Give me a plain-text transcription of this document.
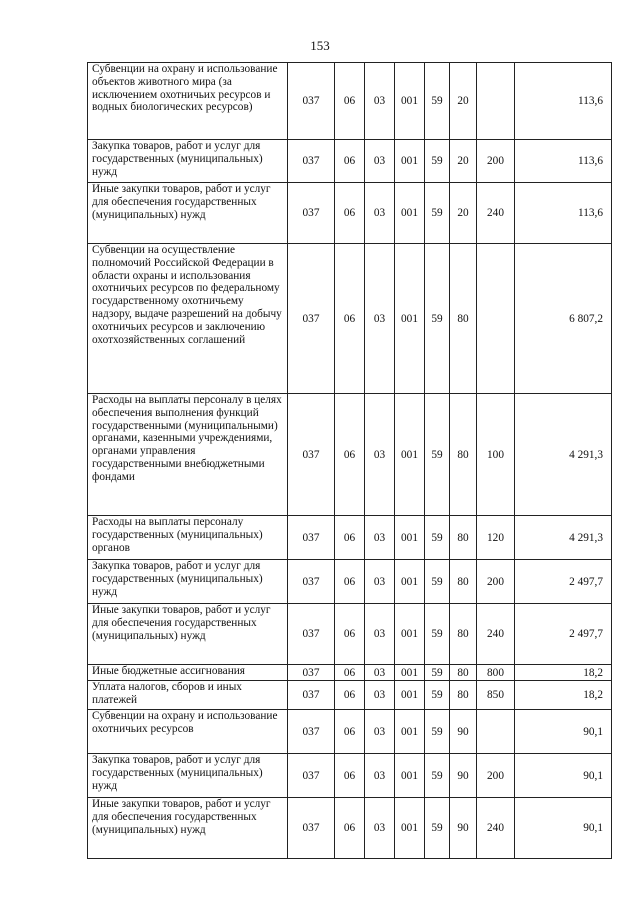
153
Субвенции на охрану и использование объектов животного мира (за исключением охотничьих ресурсов и водных биологических ресурсов)	037	06	03	001	59	20		113,6
Закупка товаров, работ и услуг для государственных (муниципальных) нужд	037	06	03	001	59	20	200	113,6
Иные закупки товаров, работ и услуг для обеспечения государственных (муниципальных) нужд	037	06	03	001	59	20	240	113,6
Субвенции на осуществление полномочий Российской Федерации в области охраны и использования охотничьих ресурсов по федеральному государственному охотничьему надзору, выдаче разрешений на добычу охотничьих ресурсов и заключению охотхозяйственных соглашений	037	06	03	001	59	80		6 807,2
Расходы на выплаты персоналу в целях обеспечения выполнения функций государственными (муниципальными) органами, казенными учреждениями, органами управления государственными внебюджетными фондами	037	06	03	001	59	80	100	4 291,3
Расходы на выплаты персоналу государственных (муниципальных) органов	037	06	03	001	59	80	120	4 291,3
Закупка товаров, работ и услуг для государственных (муниципальных) нужд	037	06	03	001	59	80	200	2 497,7
Иные закупки товаров, работ и услуг для обеспечения государственных (муниципальных) нужд	037	06	03	001	59	80	240	2 497,7
Иные бюджетные ассигнования	037	06	03	001	59	80	800	18,2
Уплата налогов, сборов и иных платежей	037	06	03	001	59	80	850	18,2
Субвенции на охрану и использование охотничьих ресурсов	037	06	03	001	59	90		90,1
Закупка товаров, работ и услуг для государственных (муниципальных) нужд	037	06	03	001	59	90	200	90,1
Иные закупки товаров, работ и услуг для обеспечения государственных (муниципальных) нужд	037	06	03	001	59	90	240	90,1
